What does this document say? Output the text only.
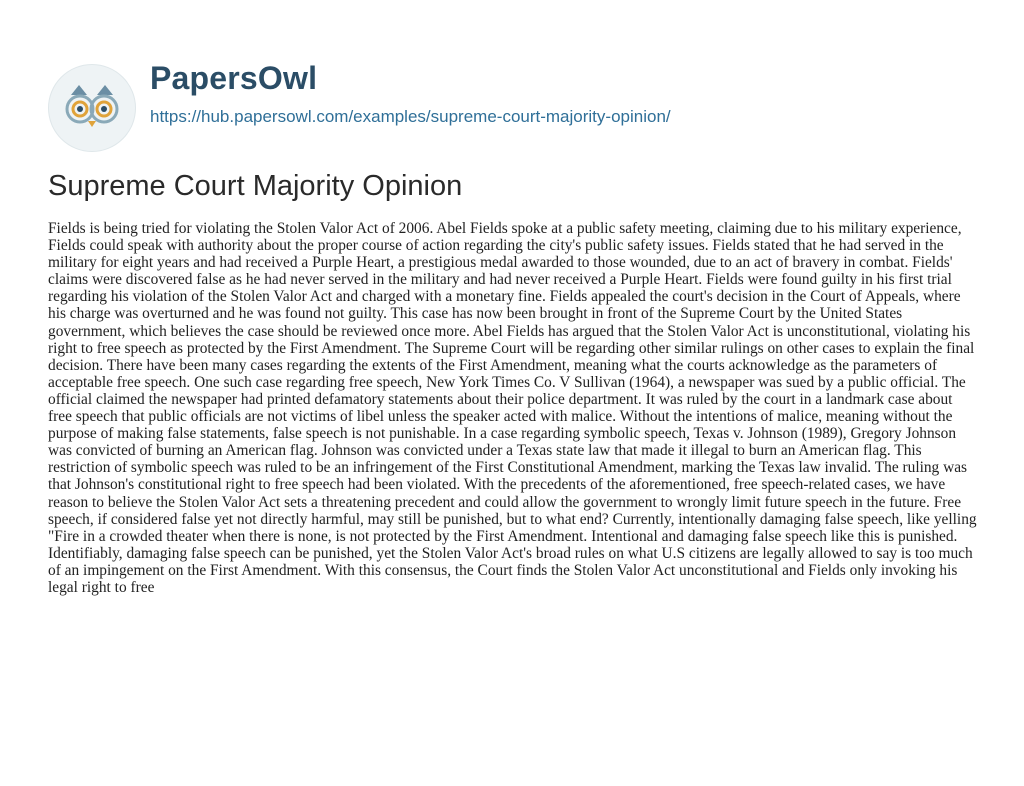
PapersOwl
https://hub.papersowl.com/examples/supreme-court-majority-opinion/
Supreme Court Majority Opinion

Fields is being tried for violating the Stolen Valor Act of 2006. Abel Fields spoke at a public safety meeting, claiming due to his military experience, Fields could speak with authority about the proper course of action regarding the city's public safety issues. Fields stated that he had served in the military for eight years and had received a Purple Heart, a prestigious medal awarded to those wounded, due to an act of bravery in combat. Fields' claims were discovered false as he had never served in the military and had never received a Purple Heart. Fields were found guilty in his first trial regarding his violation of the Stolen Valor Act and charged with a monetary fine. Fields appealed the court's decision in the Court of Appeals, where his charge was overturned and he was found not guilty. This case has now been brought in front of the Supreme Court by the United States government, which believes the case should be reviewed once more. Abel Fields has argued that the Stolen Valor Act is unconstitutional, violating his right to free speech as protected by the First Amendment. The Supreme Court will be regarding other similar rulings on other cases to explain the final decision. There have been many cases regarding the extents of the First Amendment, meaning what the courts acknowledge as the parameters of acceptable free speech. One such case regarding free speech, New York Times Co. V Sullivan (1964), a newspaper was sued by a public official. The official claimed the newspaper had printed defamatory statements about their police department. It was ruled by the court in a landmark case about free speech that public officials are not victims of libel unless the speaker acted with malice. Without the intentions of malice, meaning without the purpose of making false statements, false speech is not punishable. In a case regarding symbolic speech, Texas v. Johnson (1989), Gregory Johnson was convicted of burning an American flag. Johnson was convicted under a Texas state law that made it illegal to burn an American flag. This restriction of symbolic speech was ruled to be an infringement of the First Constitutional Amendment, marking the Texas law invalid. The ruling was that Johnson's constitutional right to free speech had been violated. With the precedents of the aforementioned, free speech-related cases, we have reason to believe the Stolen Valor Act sets a threatening precedent and could allow the government to wrongly limit future speech in the future. Free speech, if considered false yet not directly harmful, may still be punished, but to what end? Currently, intentionally damaging false speech, like yelling "Fire in a crowded theater when there is none, is not protected by the First Amendment. Intentional and damaging false speech like this is punished. Identifiably, damaging false speech can be punished, yet the Stolen Valor Act's broad rules on what U.S citizens are legally allowed to say is too much of an impingement on the First Amendment. With this consensus, the Court finds the Stolen Valor Act unconstitutional and Fields only invoking his legal right to free
